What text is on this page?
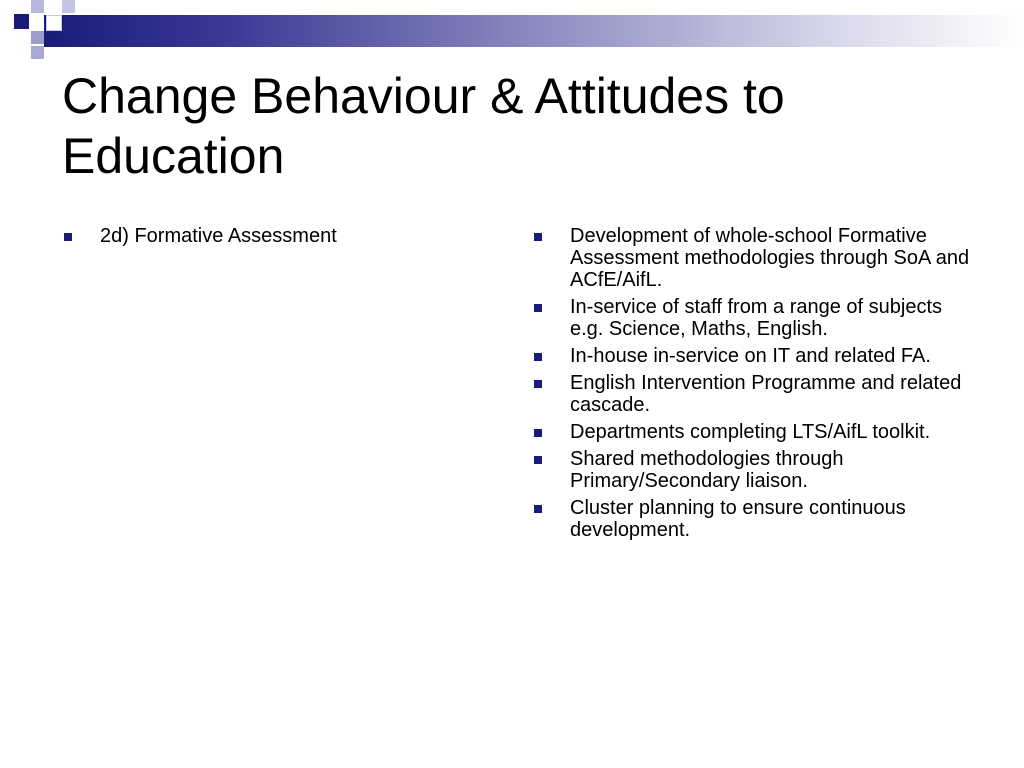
Change Behaviour & Attitudes to Education
2d) Formative Assessment	Development of whole-school Formative Assessment methodologies through SoA and ACfE/AifL.
In-service of staff from a range of subjects e.g. Science, Maths, English.
In-house in-service on IT and related FA.
English Intervention Programme and related cascade.
Departments completing LTS/AifL toolkit.
Shared methodologies through Primary/Secondary liaison.
Cluster planning to ensure continuous development.
